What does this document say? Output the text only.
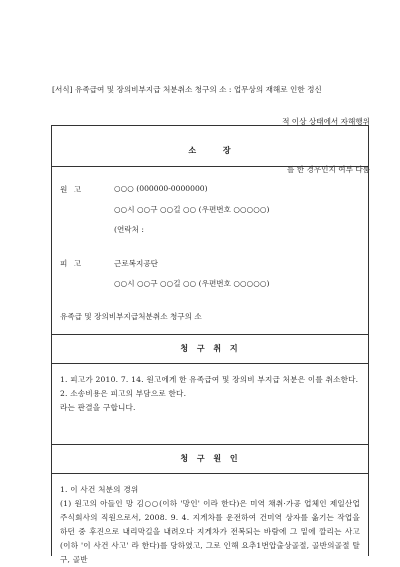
[서식] 유족급여 및 장의비부지급 처분취소 청구의 소 : 업무상의 재해로 인한 정신

적 이상 상태에서 자해행위

를 한 경우인지 여부 다툼

소 장
원 고	○○○ (000000-0000000)
○○시 ○○구 ○○길 ○○ (우편번호 ○○○○○)
(연락처 :
피 고	근로복지공단
○○시 ○○구 ○○길 ○○ (우편번호 ○○○○○)
유족급 및 장의비부지급처분취소 청구의 소
청 구 취 지

1. 피고가 2010. 7. 14. 원고에게 한 유족급여 및 장의비 부지급 처분은 이를 취소한다.

2. 소송비용은 피고의 부담으로 한다.

라는 판결을 구합니다.

청 구 원 인

1. 이 사건 처분의 경위

(1) 원고의 아들인 망 김○○(이하 '망인' 이라 한다)은 미역 채취·가공 업체인 제일산업 주식회사의 직원으로서, 2008. 9. 4. 지게차를 운전하여 건미역 상자를 옮기는 작업을 하던 중 후진으로 내리막길을 내려오다 지게차가 전복되는 바람에 그 밑에 깔리는 사고(이하 '이 사건 사고' 라 한다)를 당하였고, 그로 인해 요추1번압출상골절, 골반의골절 탈구, 골반
